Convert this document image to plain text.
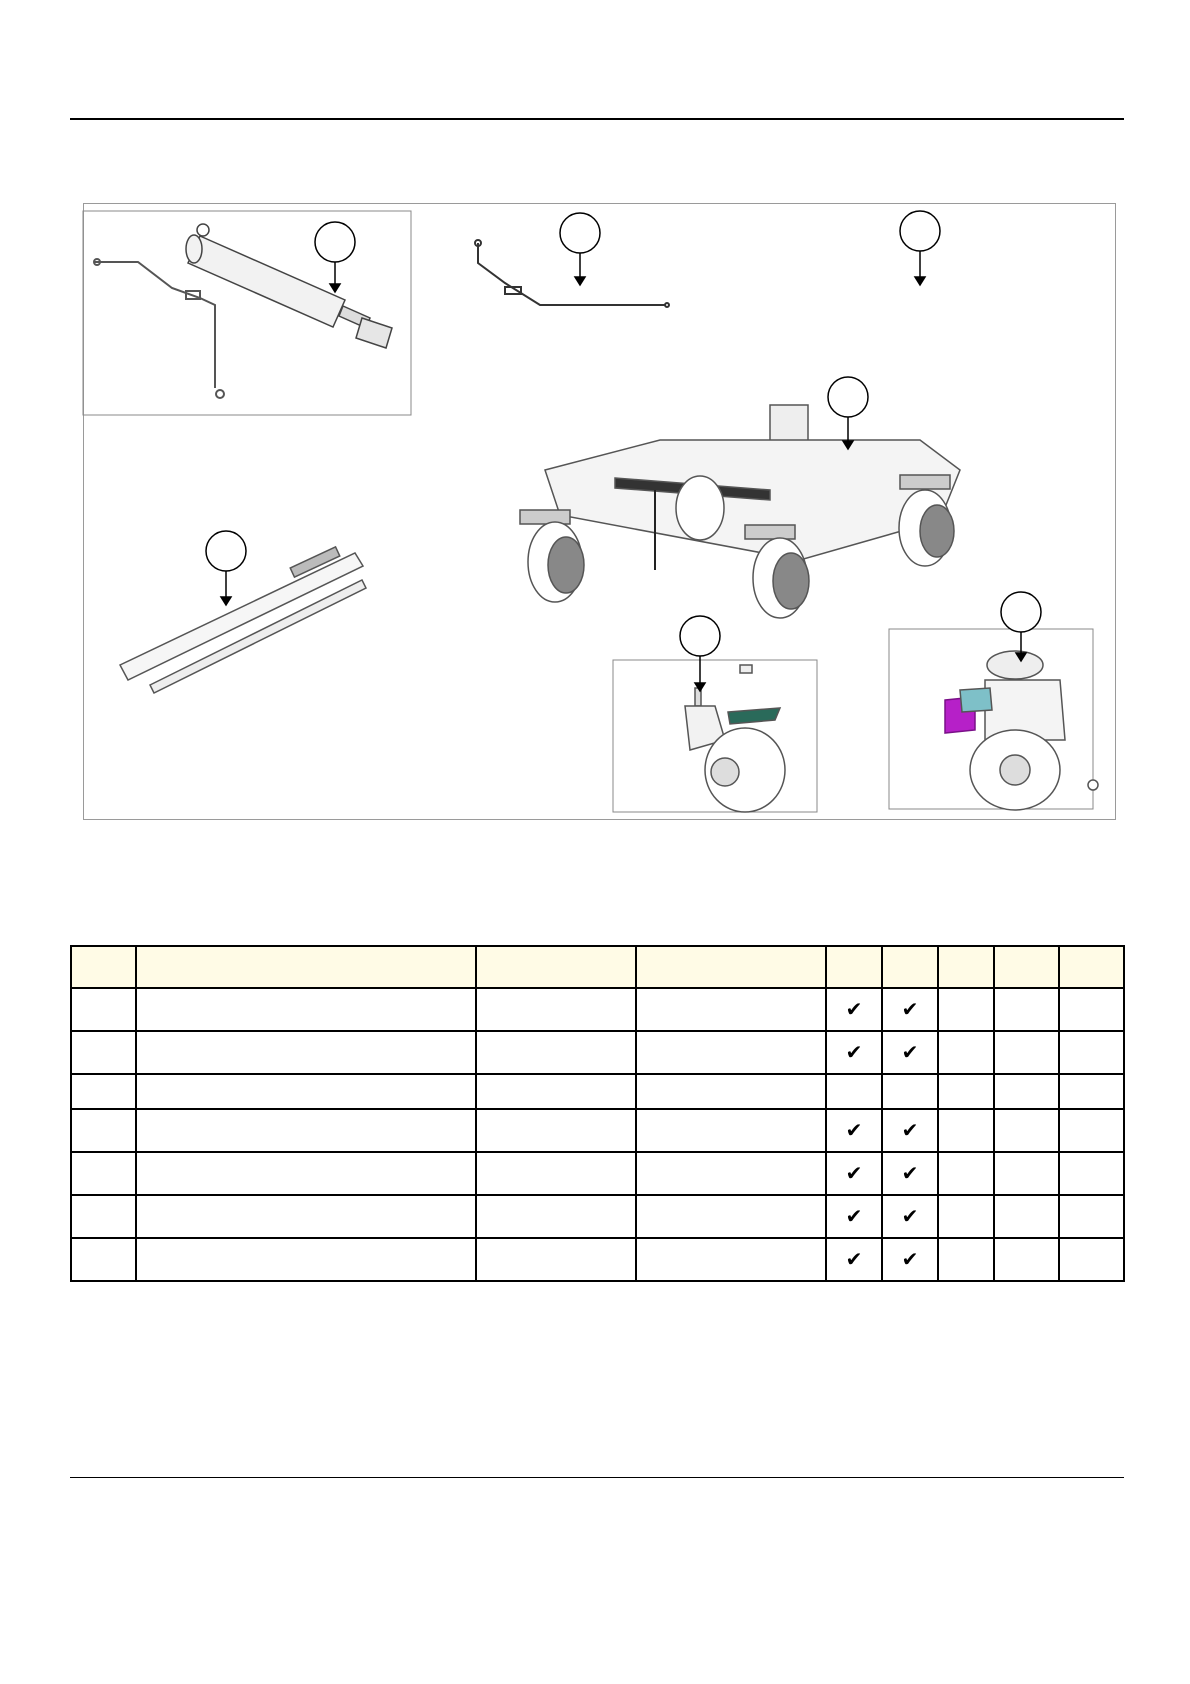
				✔	✔			
				✔	✔			

				✔	✔			
				✔	✔			
				✔	✔			
				✔	✔			
